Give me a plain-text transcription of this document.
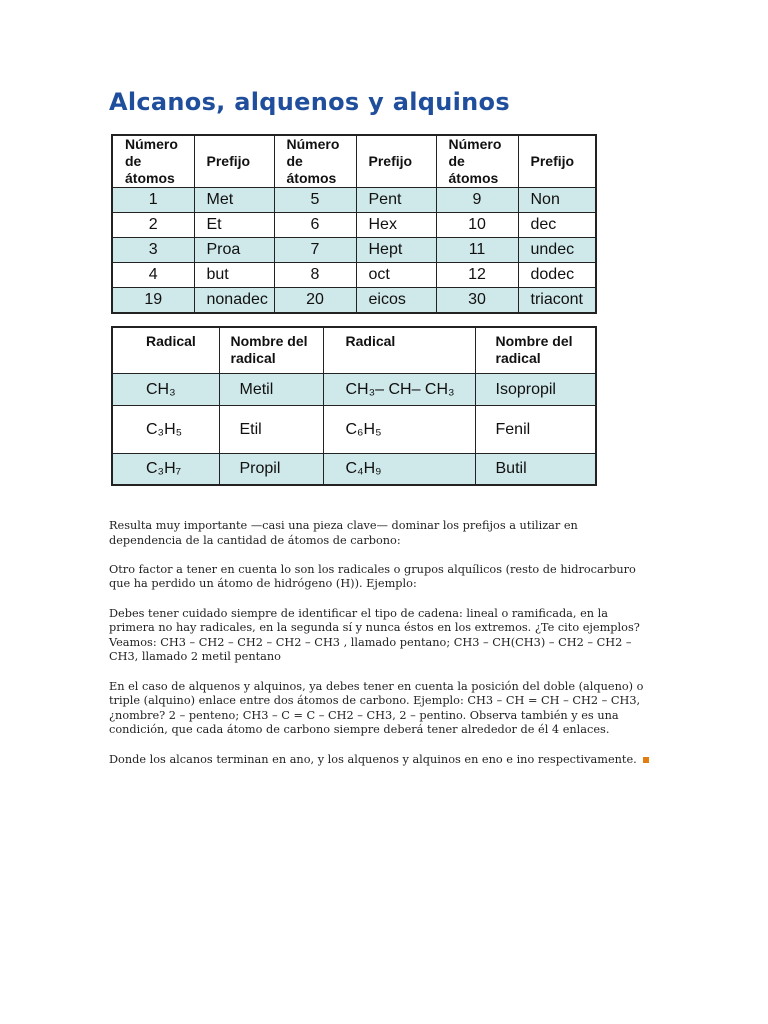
Alcanos, alquenos y alquinos
Número de átomos	Prefijo	Número de átomos	Prefijo	Número de átomos	Prefijo
1	Met	5	Pent	9	Non
2	Et	6	Hex	10	dec
3	Proa	7	Hept	11	undec
4	but	8	oct	12	dodec
19	nonadec	20	eicos	30	triacont
Radical	Nombre del radical	Radical	Nombre del radical
CH₃	Metil	CH₃– CH– CH₃	Isopropil
C₃H₅	Etil	C₆H₅	Fenil
C₃H₇	Propil	C₄H₉	Butil

Resulta muy importante —casi una pieza clave— dominar los prefijos a utilizar en dependencia de la cantidad de átomos de carbono:

Otro factor a tener en cuenta lo son los radicales o grupos alquílicos (resto de hidrocarburo que ha perdido un átomo de hidrógeno (H)). Ejemplo:

Debes tener cuidado siempre de identificar el tipo de cadena: lineal o ramificada, en la primera no hay radicales, en la segunda sí y nunca éstos en los extremos. ¿Te cito ejemplos? Veamos: CH3 – CH2 – CH2 – CH2 – CH3 , llamado pentano; CH3 – CH(CH3) – CH2 – CH2 – CH3, llamado 2 metil pentano

En el caso de alquenos y alquinos, ya debes tener en cuenta la posición del doble (alqueno) o triple (alquino) enlace entre dos átomos de carbono. Ejemplo: CH3 – CH = CH – CH2 – CH3, ¿nombre? 2 – penteno; CH3 – C = C – CH2 – CH3, 2 – pentino. Observa también y es una condición, que cada átomo de carbono siempre deberá tener alrededor de él 4 enlaces.

Donde los alcanos terminan en ano, y los alquenos y alquinos en eno e ino respectivamente.
